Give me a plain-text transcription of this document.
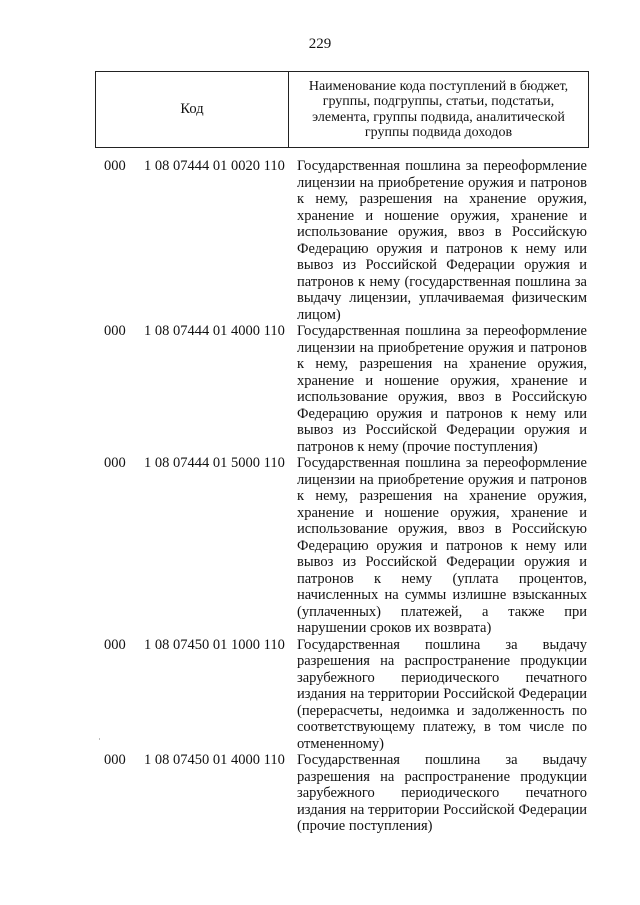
229
Код
Наименование кода поступлений в бюджет, группы, подгруппы, статьи, подстатьи, элемента, группы подвида, аналитической группы подвида доходов
000 1 08 07444 01 0020 110 Государственная пошлина за переоформление лицензии на приобретение оружия и патронов к нему, разрешения на хранение оружия, хранение и ношение оружия, хранение и использование оружия, ввоз в Российскую Федерацию оружия и патронов к нему или вывоз из Российской Федерации оружия и патронов к нему (государственная пошлина за выдачу лицензии, уплачиваемая физическим лицом)
000 1 08 07444 01 4000 110 Государственная пошлина за переоформление лицензии на приобретение оружия и патронов к нему, разрешения на хранение оружия, хранение и ношение оружия, хранение и использование оружия, ввоз в Российскую Федерацию оружия и патронов к нему или вывоз из Российской Федерации оружия и патронов к нему (прочие поступления)
000 1 08 07444 01 5000 110 Государственная пошлина за переоформление лицензии на приобретение оружия и патронов к нему, разрешения на хранение оружия, хранение и ношение оружия, хранение и использование оружия, ввоз в Российскую Федерацию оружия и патронов к нему или вывоз из Российской Федерации оружия и патронов к нему (уплата процентов, начисленных на суммы излишне взысканных (уплаченных) платежей, а также при нарушении сроков их возврата)
000 1 08 07450 01 1000 110 Государственная пошлина за выдачу разрешения на распространение продукции зарубежного периодического печатного издания на территории Российской Федерации (перерасчеты, недоимка и задолженность по соответствующему платежу, в том числе по отмененному)
000 1 08 07450 01 4000 110 Государственная пошлина за выдачу разрешения на распространение продукции зарубежного периодического печатного издания на территории Российской Федерации (прочие поступления)
